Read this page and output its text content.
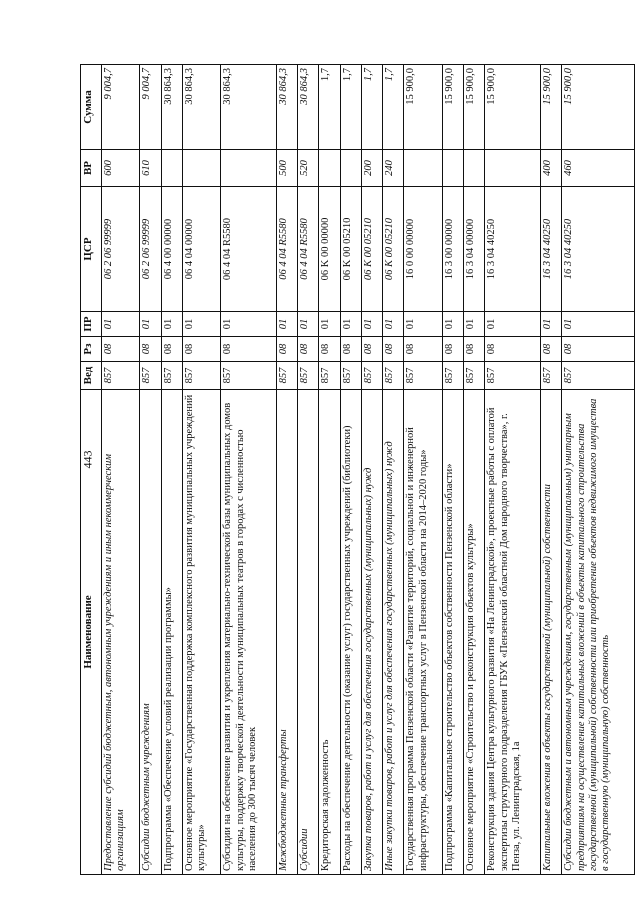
443
Наименование	Вед	Рз	ПР	ЦСР	ВР	Сумма
Предоставление субсидий бюджетным, автономным учреждениям и иным некоммерческим организациям	857	08	01	06 2 06 99999	600	9 004,7
Субсидии бюджетным учреждениям	857	08	01	06 2 06 99999	610	9 004,7
Подпрограмма «Обеспечение условий реализации программы»	857	08	01	06 4 00 00000		30 864,3
Основное мероприятие «Государственная поддержка комплексного развития муниципальных учреждений культуры»	857	08	01	06 4 04 00000		30 864,3
Субсидии на обеспечение развития и укрепления материально-технической базы муниципальных домов культуры, поддержку творческой деятельности муниципальных театров в городах с численностью населения до 300 тысяч человек	857	08	01	06 4 04 R5580		30 864,3
Межбюджетные трансферты	857	08	01	06 4 04 R5580	500	30 864,3
Субсидии	857	08	01	06 4 04 R5580	520	30 864,3
Кредиторская задолженность	857	08	01	06 K 00 00000		1,7
Расходы на обеспечение деятельности (оказание услуг) государственных учреждений (библиотеки)	857	08	01	06 K 00 05210		1,7
Закупка товаров, работ и услуг для обеспечения государственных (муниципальных) нужд	857	08	01	06 K 00 05210	200	1,7
Иные закупки товаров, работ и услуг для обеспечения государственных (муниципальных) нужд	857	08	01	06 K 00 05210	240	1,7
Государственная программа Пензенской области «Развитие территорий, социальной и инженерной инфраструктуры, обеспечение транспортных услуг в Пензенской области на 2014–2020 годы»	857	08	01	16 0 00 00000		15 900,0
Подпрограмма «Капитальное строительство объектов собственности Пензенской области»	857	08	01	16 3 00 00000		15 900,0
Основное мероприятие «Строительство и реконструкция объектов культуры»	857	08	01	16 3 04 00000		15 900,0
Реконструкция здания Центра культурного развития «На Ленинградской», проектные работы с оплатой экспертизы структурного подразделения ГБУК «Пензенский областной Дом народного творчества», г. Пенза, ул. Ленинградская, 1а	857	08	01	16 3 04 40250		15 900,0
Капитальные вложения в объекты государственной (муниципальной) собственности	857	08	01	16 3 04 40250	400	15 900,0
Субсидии бюджетным и автономным учреждениям, государственным (муниципальным) унитарным предприятиям на осуществление капитальных вложений в объекты капитального строительства государственной (муниципальной) собственности или приобретение объектов недвижимого имущества в государственную (муниципальную) собственность	857	08	01	16 3 04 40250	460	15 900,0
